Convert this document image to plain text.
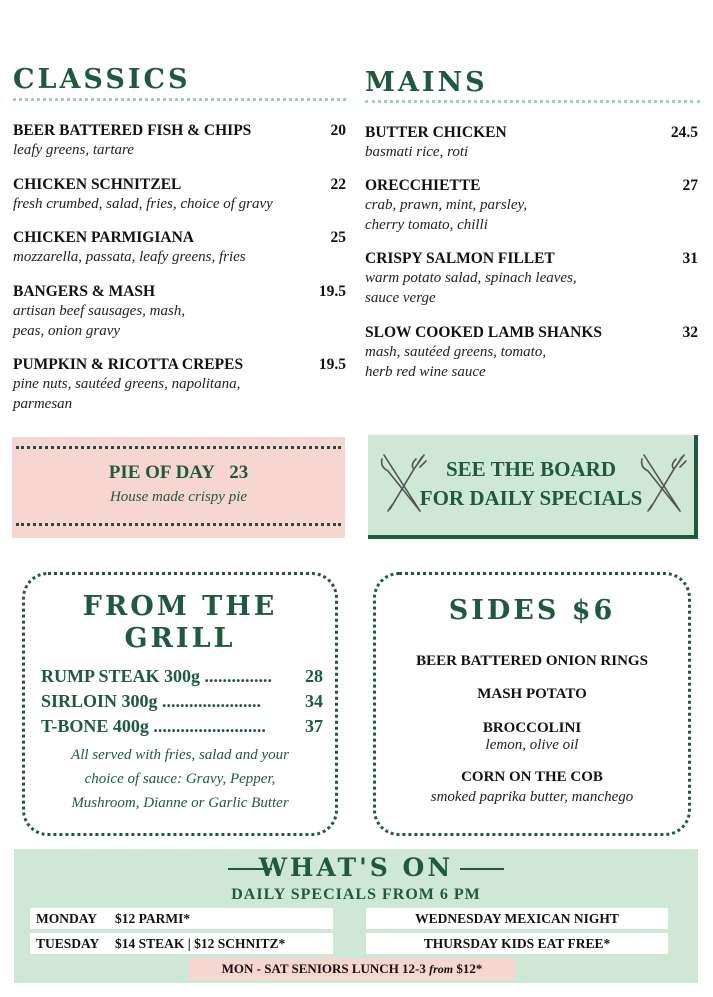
CLASSICS
BEER BATTERED FISH & CHIPS
leafy greens, tartare
20
CHICKEN SCHNITZEL
fresh crumbed, salad, fries, choice of gravy
22
CHICKEN PARMIGIANA
mozzarella, passata, leafy greens, fries
25
BANGERS & MASH
artisan beef sausages, mash,
peas, onion gravy
19.5
PUMPKIN & RICOTTA CREPES
pine nuts, sautéed greens, napolitana,
parmesan
19.5
MAINS
BUTTER CHICKEN
basmati rice, roti
24.5
ORECCHIETTE
crab, prawn, mint, parsley,
cherry tomato, chilli
27
CRISPY SALMON FILLET
warm potato salad, spinach leaves,
sauce verge
31
SLOW COOKED LAMB SHANKS
mash, sautéed greens, tomato,
herb red wine sauce
32
PIE OF DAY 23
House made crispy pie
SEE THE BOARD
FOR DAILY SPECIALS
FROM THE
GRILL
RUMP STEAK 300g ............... 28
SIRLOIN 300g ...................... 34
T-BONE 400g ......................... 37
All served with fries, salad and your
choice of sauce: Gravy, Pepper,
Mushroom, Dianne or Garlic Butter
SIDES $6
BEER BATTERED ONION RINGS
MASH POTATO
BROCCOLINI
lemon, olive oil
CORN ON THE COB
smoked paprika butter, manchego
WHAT'S ON
DAILY SPECIALS FROM 6 PM
MONDAY $12 PARMI*
TUESDAY $14 STEAK | $12 SCHNITZ*
WEDNESDAY MEXICAN NIGHT
THURSDAY KIDS EAT FREE*
MON - SAT SENIORS LUNCH 12-3 from $12*
